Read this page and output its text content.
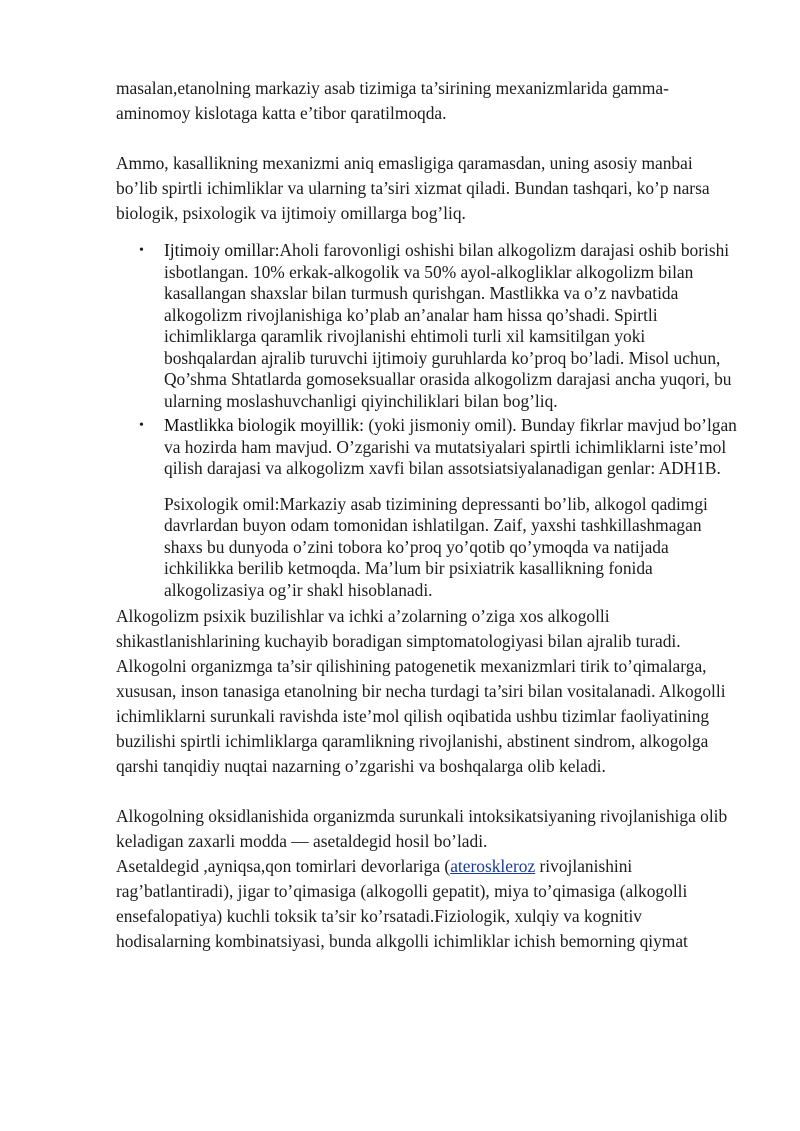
masalan,etanolning markaziy asab tizimiga ta’sirining mexanizmlarida gamma-aminomoy kislotaga katta e’tibor qaratilmoqda.

Ammo, kasallikning mexanizmi aniq emasligiga qaramasdan, uning asosiy manbai bo’lib spirtli ichimliklar va ularning ta’siri xizmat qiladi. Bundan tashqari, ko’p narsa biologik, psixologik va ijtimoiy omillarga bog’liq.

• Ijtimoiy omillar:Aholi farovonligi oshishi bilan alkogolizm darajasi oshib borishi isbotlangan. 10% erkak-alkogolik va 50% ayol-alkogliklar alkogolizm bilan kasallangan shaxslar bilan turmush qurishgan. Mastlikka va o’z navbatida alkogolizm rivojlanishiga ko’plab an’analar ham hissa qo’shadi. Spirtli ichimliklarga qaramlik rivojlanishi ehtimoli turli xil kamsitilgan yoki boshqalardan ajralib turuvchi ijtimoiy guruhlarda ko’proq bo’ladi. Misol uchun, Qo’shma Shtatlarda gomoseksuallar orasida alkogolizm darajasi ancha yuqori, bu ularning moslashuvchanligi qiyinchiliklari bilan bog’liq.
• Mastlikka biologik moyillik: (yoki jismoniy omil). Bunday fikrlar mavjud bo’lgan va hozirda ham mavjud. O’zgarishi va mutatsiyalari spirtli ichimliklarni iste’mol qilish darajasi va alkogolizm xavfi bilan assotsiatsiyalanadigan genlar: ADH1B.

Psixologik omil:Markaziy asab tizimining depressanti bo’lib, alkogol qadimgi davrlardan buyon odam tomonidan ishlatilgan. Zaif, yaxshi tashkillashmagan shaxs bu dunyoda o’zini tobora ko’proq yo’qotib qo’ymoqda va natijada ichkilikka berilib ketmoqda. Ma’lum bir psixiatrik kasallikning fonida alkogolizasiya og’ir shakl hisoblanadi.

Alkogolizm psixik buzilishlar va ichki a’zolarning o’ziga xos alkogolli shikastlanishlarining kuchayib boradigan simptomatologiyasi bilan ajralib turadi. Alkogolni organizmga ta’sir qilishining patogenetik mexanizmlari tirik to’qimalarga, xususan, inson tanasiga etanolning bir necha turdagi ta’siri bilan vositalanadi. Alkogolli ichimliklarni surunkali ravishda iste’mol qilish oqibatida ushbu tizimlar faoliyatining buzilishi spirtli ichimliklarga qaramlikning rivojlanishi, abstinent sindrom, alkogolga qarshi tanqidiy nuqtai nazarning o’zgarishi va boshqalarga olib keladi.

Alkogolning oksidlanishida organizmda surunkali intoksikatsiyaning rivojlanishiga olib keladigan zaxarli modda — asetaldegid hosil bo’ladi.

Asetaldegid ,ayniqsa,qon tomirlari devorlariga (ateroskleroz rivojlanishini rag’batlantiradi), jigar to’qimasiga (alkogolli gepatit), miya to’qimasiga (alkogolli ensefalopatiya) kuchli toksik ta’sir ko’rsatadi.Fiziologik, xulqiy va kognitiv hodisalarning kombinatsiyasi, bunda alkgolli ichimliklar ichish bemorning qiymat
